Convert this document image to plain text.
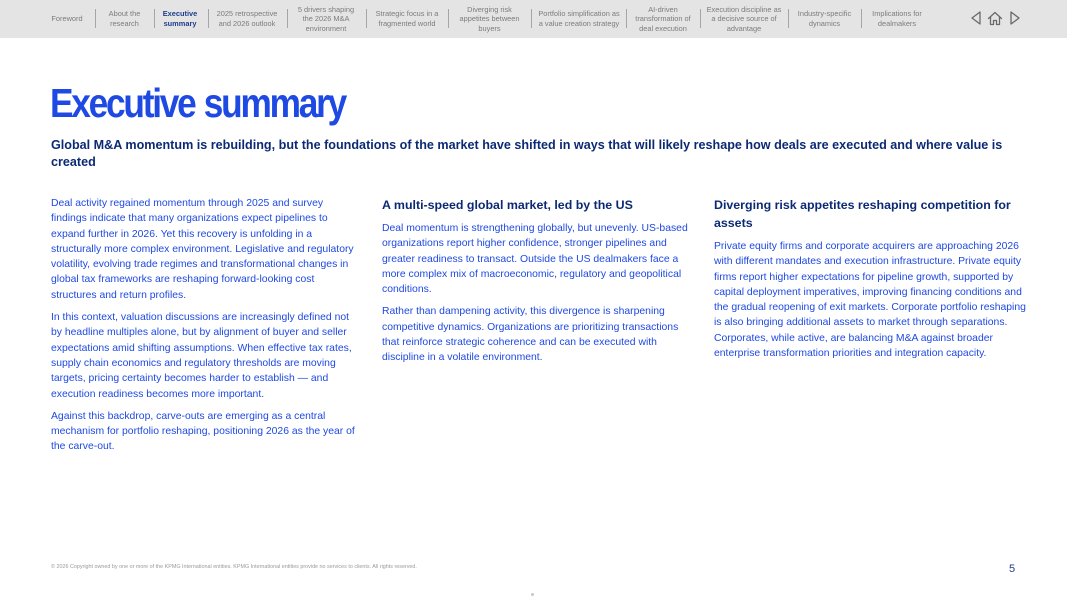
Foreword
About the research
Executive summary
2025 retrospective and 2026 outlook
5 drivers shaping the 2026 M&A environment
Strategic focus in a fragmented world
Diverging risk appetites between buyers
Portfolio simplification as a value creation strategy
AI-driven transformation of deal execution
Execution discipline as a decisive source of advantage
Industry-specific dynamics
Implications for dealmakers
Executive summary

Global M&A momentum is rebuilding, but the foundations of the market have shifted in ways that will likely reshape how deals are executed and where value is created

Deal activity regained momentum through 2025 and survey findings indicate that many organizations expect pipelines to expand further in 2026. Yet this recovery is unfolding in a structurally more complex environment. Legislative and regulatory volatility, evolving trade regimes and transformational changes in global tax frameworks are reshaping forward-looking cost structures and return profiles.

In this context, valuation discussions are increasingly defined not by headline multiples alone, but by alignment of buyer and seller expectations amid shifting assumptions. When effective tax rates, supply chain economics and regulatory thresholds are moving targets, pricing certainty becomes harder to establish — and execution readiness becomes more important.

Against this backdrop, carve-outs are emerging as a central mechanism for portfolio reshaping, positioning 2026 as the year of the carve-out.

A multi-speed global market, led by the US

Deal momentum is strengthening globally, but unevenly. US-based organizations report higher confidence, stronger pipelines and greater readiness to transact. Outside the US dealmakers face a more complex mix of macroeconomic, regulatory and geopolitical conditions.

Rather than dampening activity, this divergence is sharpening competitive dynamics. Organizations are prioritizing transactions that reinforce strategic coherence and can be executed with discipline in a volatile environment.

Diverging risk appetites reshaping competition for assets

Private equity firms and corporate acquirers are approaching 2026 with different mandates and execution infrastructure. Private equity firms report higher expectations for pipeline growth, supported by capital deployment imperatives, improving financing conditions and the gradual reopening of exit markets. Corporate portfolio reshaping is also bringing additional assets to market through separations. Corporates, while active, are balancing M&A against broader enterprise transformation priorities and integration capacity.

© 2026 Copyright owned by one or more of the KPMG International entities. KPMG International entities provide no services to clients. All rights reserved.	5
